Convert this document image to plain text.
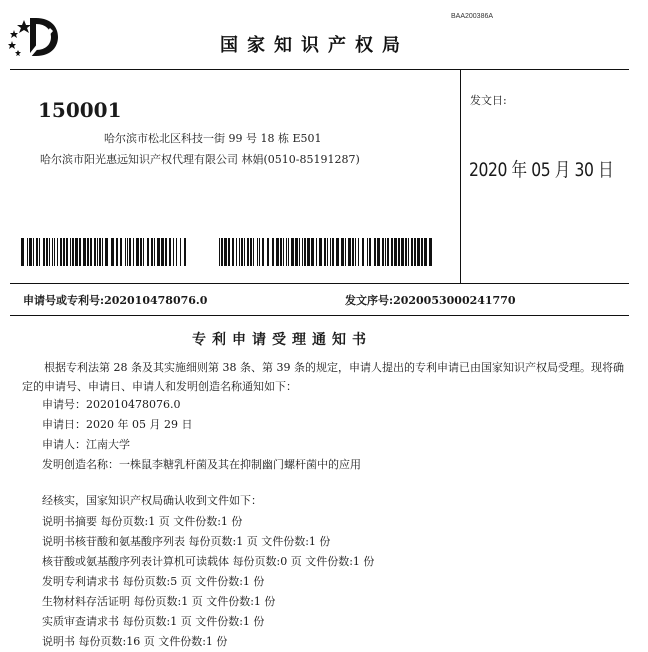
BAA200386A
国家知识产权局
150001
哈尔滨市松北区科技一街 99 号 18 栋 E501
哈尔滨市阳光惠远知识产权代理有限公司 林娟(0510-85191287)
发文日:
2020 年 05 月 30 日
申请号或专利号:202010478076.0	发文序号:2020053000241770
专利申请受理通知书
根据专利法第 28 条及其实施细则第 38 条、第 39 条的规定，申请人提出的专利申请已由国家知识产权局受理。现将确定的申请号、申请日、申请人和发明创造名称通知如下：
申请号：202010478076.0
申请日：2020 年 05 月 29 日
申请人：江南大学
发明创造名称：一株鼠李糖乳杆菌及其在抑制幽门螺杆菌中的应用
经核实，国家知识产权局确认收到文件如下：
说明书摘要 每份页数:1 页 文件份数:1 份
说明书核苷酸和氨基酸序列表 每份页数:1 页 文件份数:1 份
核苷酸或氨基酸序列表计算机可读载体 每份页数:0 页 文件份数:1 份
发明专利请求书 每份页数:5 页 文件份数:1 份
生物材料存活证明 每份页数:1 页 文件份数:1 份
实质审查请求书 每份页数:1 页 文件份数:1 份
说明书 每份页数:16 页 文件份数:1 份
